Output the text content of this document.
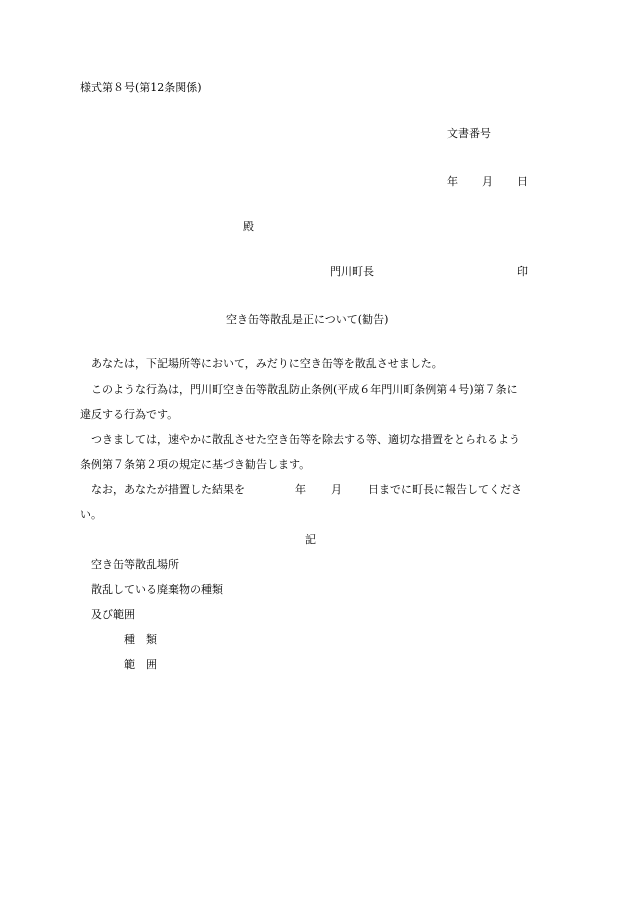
様式第８号(第12条関係)
文書番号
年 月 日
殿
門川町長	印
空き缶等散乱是正について(勧告)
あなたは，下記場所等において，みだりに空き缶等を散乱させました。
このような行為は，門川町空き缶等散乱防止条例(平成６年門川町条例第４号)第７条に
違反する行為です。
つきましては，速やかに散乱させた空き缶等を除去する等、適切な措置をとられるよう
条例第７条第２項の規定に基づき勧告します。
なお，あなたが措置した結果を	年 月 日までに町長に報告してくださ
い。
記
空き缶等散乱場所
散乱している廃棄物の種類
及び範囲
種　類
範　囲
